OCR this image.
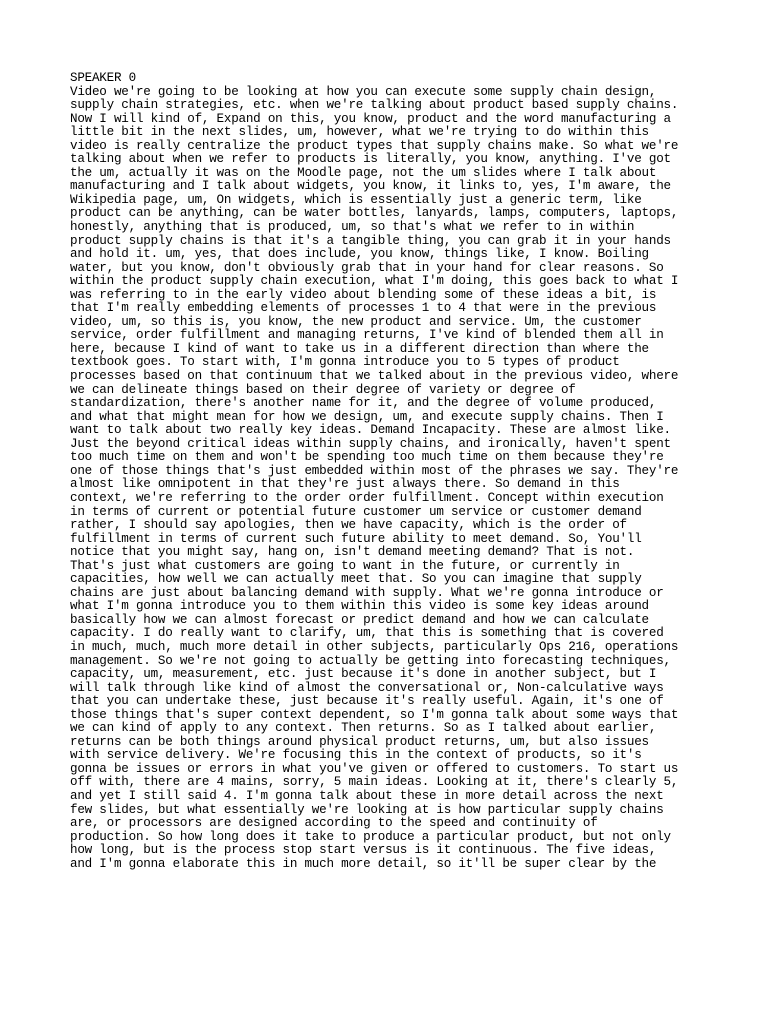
SPEAKER 0
Video we're going to be looking at how you can execute some supply chain design,
supply chain strategies, etc. when we're talking about product based supply chains.
Now I will kind of, Expand on this, you know, product and the word manufacturing a
little bit in the next slides, um, however, what we're trying to do within this
video is really centralize the product types that supply chains make. So what we're
talking about when we refer to products is literally, you know, anything. I've got
the um, actually it was on the Moodle page, not the um slides where I talk about
manufacturing and I talk about widgets, you know, it links to, yes, I'm aware, the
Wikipedia page, um, On widgets, which is essentially just a generic term, like
product can be anything, can be water bottles, lanyards, lamps, computers, laptops,
honestly, anything that is produced, um, so that's what we refer to in within
product supply chains is that it's a tangible thing, you can grab it in your hands
and hold it. um, yes, that does include, you know, things like, I know. Boiling
water, but you know, don't obviously grab that in your hand for clear reasons. So
within the product supply chain execution, what I'm doing, this goes back to what I
was referring to in the early video about blending some of these ideas a bit, is
that I'm really embedding elements of processes 1 to 4 that were in the previous
video, um, so this is, you know, the new product and service. Um, the customer
service, order fulfillment and managing returns, I've kind of blended them all in
here, because I kind of want to take us in a different direction than where the
textbook goes. To start with, I'm gonna introduce you to 5 types of product
processes based on that continuum that we talked about in the previous video, where
we can delineate things based on their degree of variety or degree of
standardization, there's another name for it, and the degree of volume produced,
and what that might mean for how we design, um, and execute supply chains. Then I
want to talk about two really key ideas. Demand Incapacity. These are almost like.
Just the beyond critical ideas within supply chains, and ironically, haven't spent
too much time on them and won't be spending too much time on them because they're
one of those things that's just embedded within most of the phrases we say. They're
almost like omnipotent in that they're just always there. So demand in this
context, we're referring to the order order fulfillment. Concept within execution
in terms of current or potential future customer um service or customer demand
rather, I should say apologies, then we have capacity, which is the order of
fulfillment in terms of current such future ability to meet demand. So, You'll
notice that you might say, hang on, isn't demand meeting demand? That is not.
That's just what customers are going to want in the future, or currently in
capacities, how well we can actually meet that. So you can imagine that supply
chains are just about balancing demand with supply. What we're gonna introduce or
what I'm gonna introduce you to them within this video is some key ideas around
basically how we can almost forecast or predict demand and how we can calculate
capacity. I do really want to clarify, um, that this is something that is covered
in much, much, much more detail in other subjects, particularly Ops 216, operations
management. So we're not going to actually be getting into forecasting techniques,
capacity, um, measurement, etc. just because it's done in another subject, but I
will talk through like kind of almost the conversational or, Non-calculative ways
that you can undertake these, just because it's really useful. Again, it's one of
those things that's super context dependent, so I'm gonna talk about some ways that
we can kind of apply to any context. Then returns. So as I talked about earlier,
returns can be both things around physical product returns, um, but also issues
with service delivery. We're focusing this in the context of products, so it's
gonna be issues or errors in what you've given or offered to customers. To start us
off with, there are 4 mains, sorry, 5 main ideas. Looking at it, there's clearly 5,
and yet I still said 4. I'm gonna talk about these in more detail across the next
few slides, but what essentially we're looking at is how particular supply chains
are, or processors are designed according to the speed and continuity of
production. So how long does it take to produce a particular product, but not only
how long, but is the process stop start versus is it continuous. The five ideas,
and I'm gonna elaborate this in much more detail, so it'll be super clear by the
